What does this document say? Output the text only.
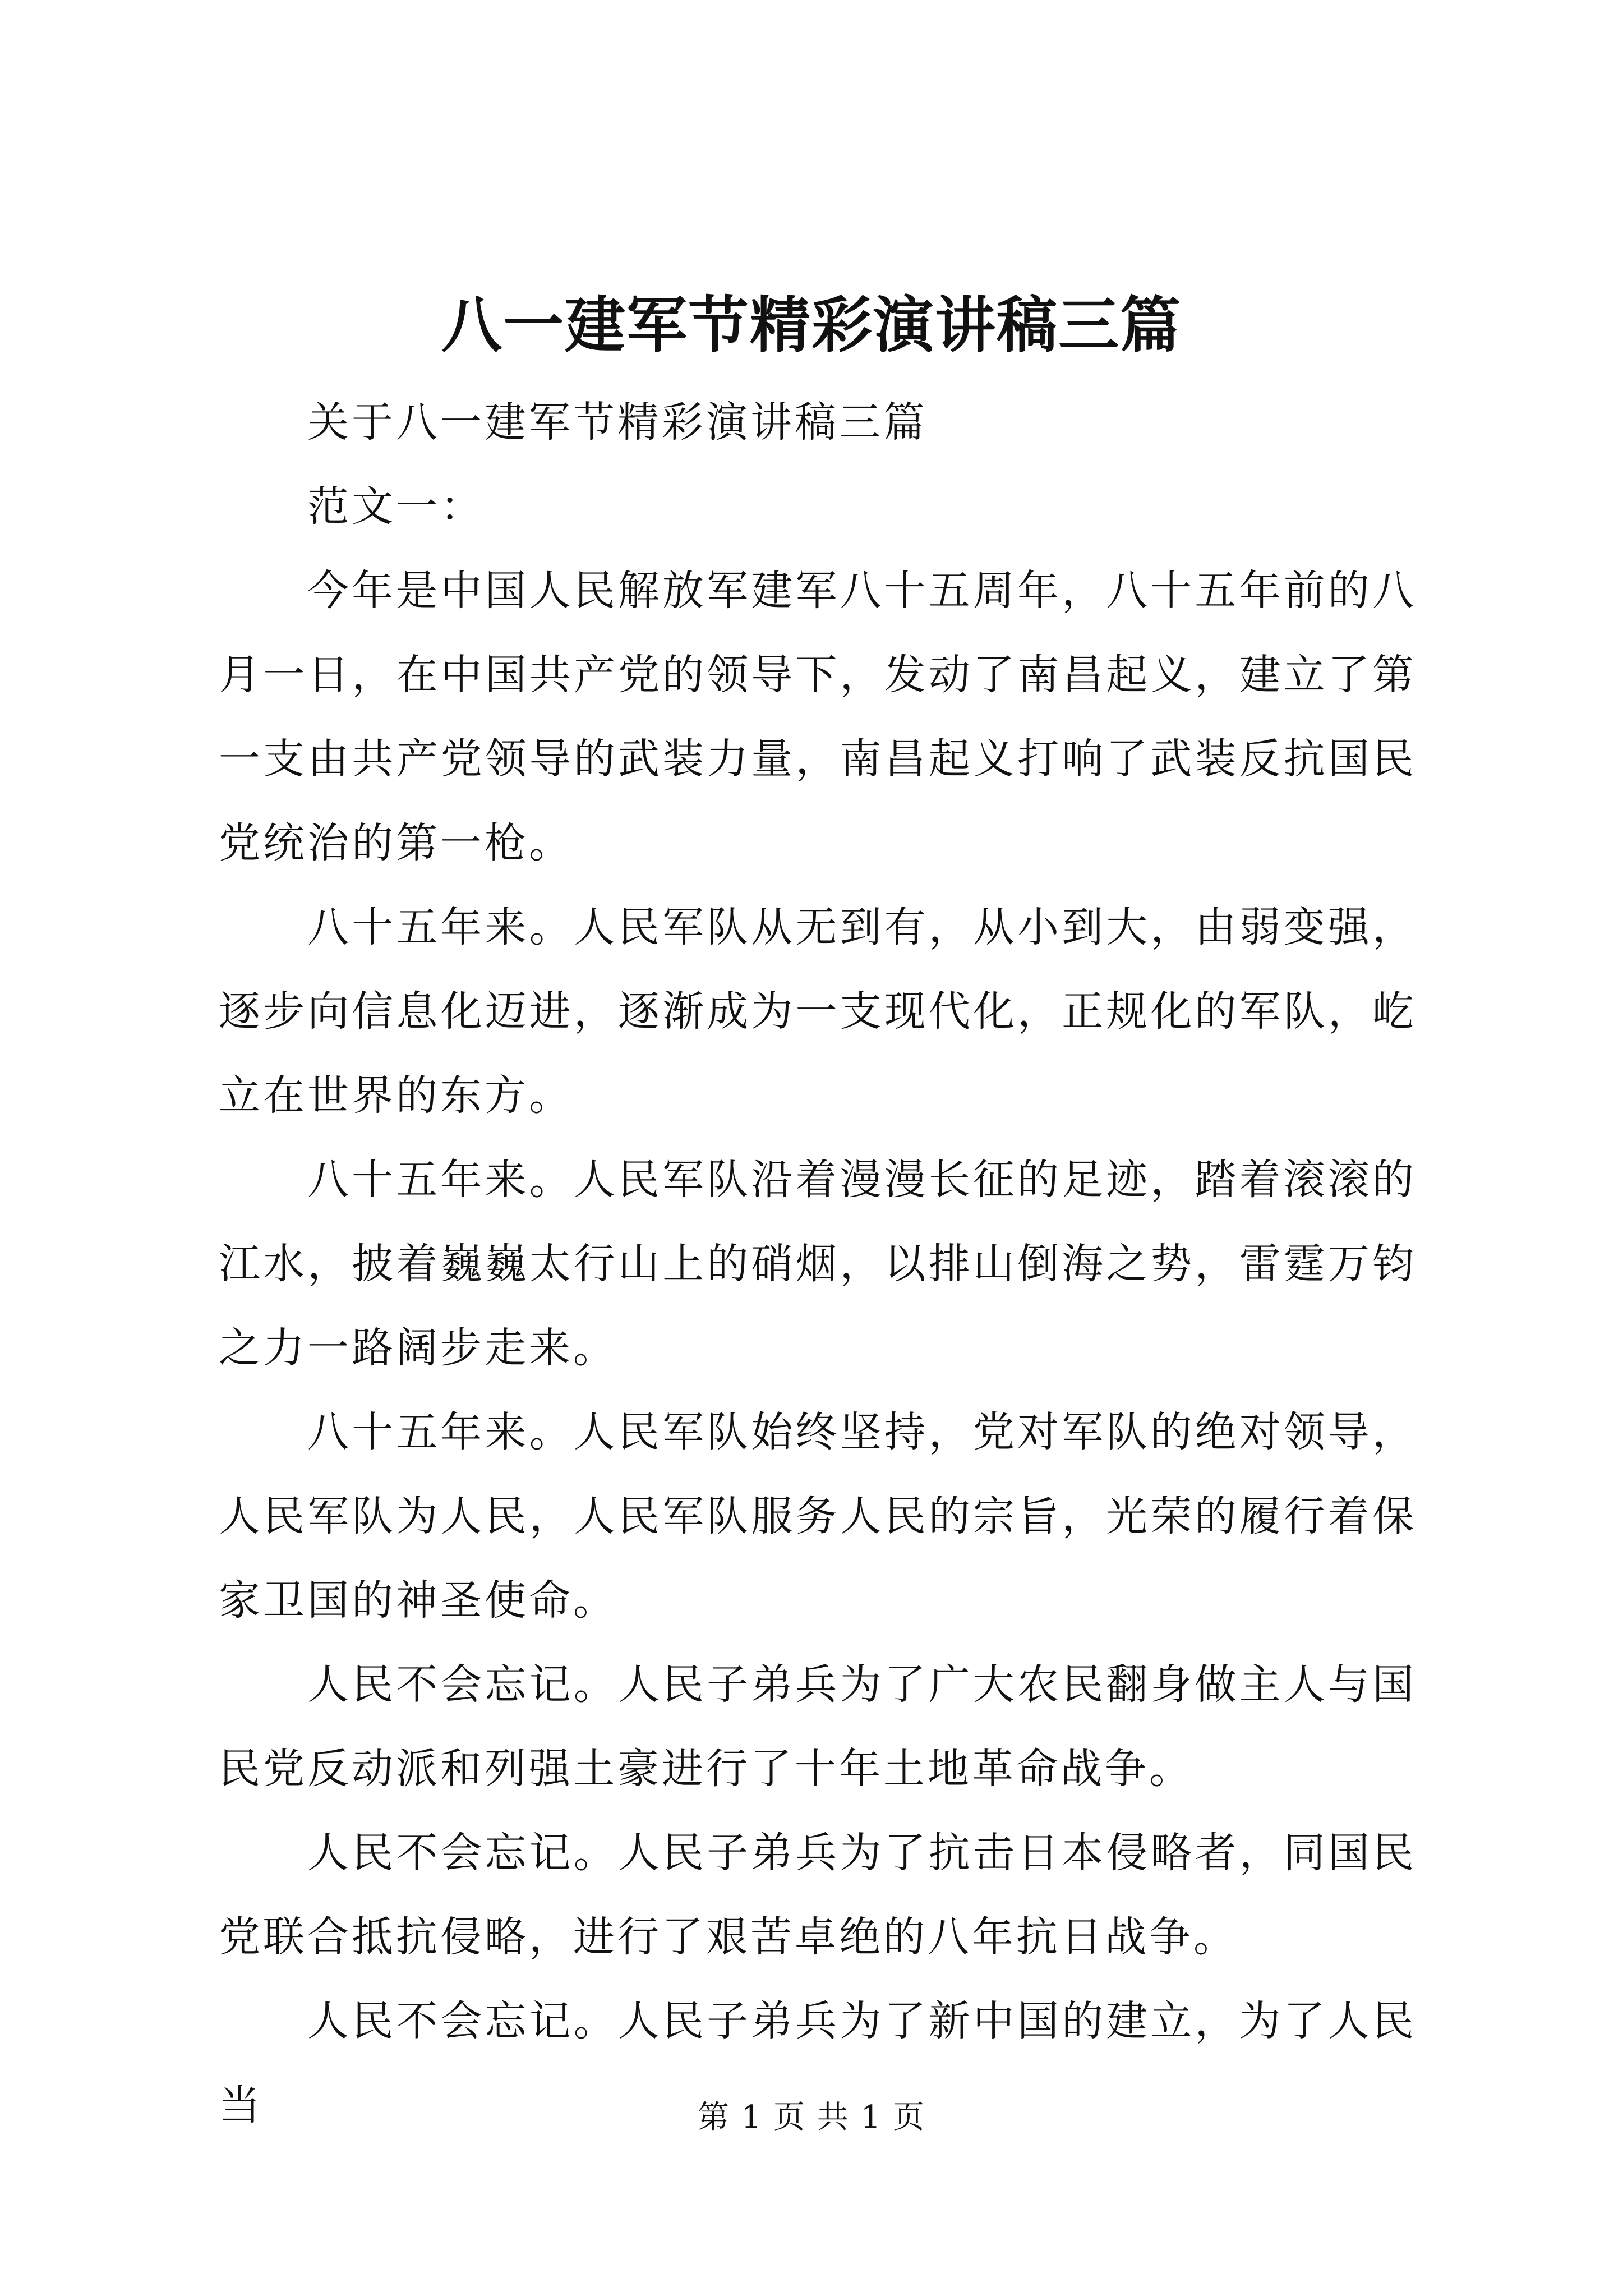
八一建军节精彩演讲稿三篇

关于八一建军节精彩演讲稿三篇

范文一：

今年是中国人民解放军建军八十五周年，八十五年前的八月一日，在中国共产党的领导下，发动了南昌起义，建立了第一支由共产党领导的武装力量，南昌起义打响了武装反抗国民党统治的第一枪。

八十五年来。人民军队从无到有，从小到大，由弱变强，逐步向信息化迈进，逐渐成为一支现代化，正规化的军队，屹立在世界的东方。

八十五年来。人民军队沿着漫漫长征的足迹，踏着滚滚的江水，披着巍巍太行山上的硝烟，以排山倒海之势，雷霆万钧之力一路阔步走来。

八十五年来。人民军队始终坚持，党对军队的绝对领导，人民军队为人民，人民军队服务人民的宗旨，光荣的履行着保家卫国的神圣使命。

人民不会忘记。人民子弟兵为了广大农民翻身做主人与国民党反动派和列强土豪进行了十年土地革命战争。

人民不会忘记。人民子弟兵为了抗击日本侵略者，同国民党联合抵抗侵略，进行了艰苦卓绝的八年抗日战争。

人民不会忘记。人民子弟兵为了新中国的建立，为了人民当	第 1 页 共 1 页
